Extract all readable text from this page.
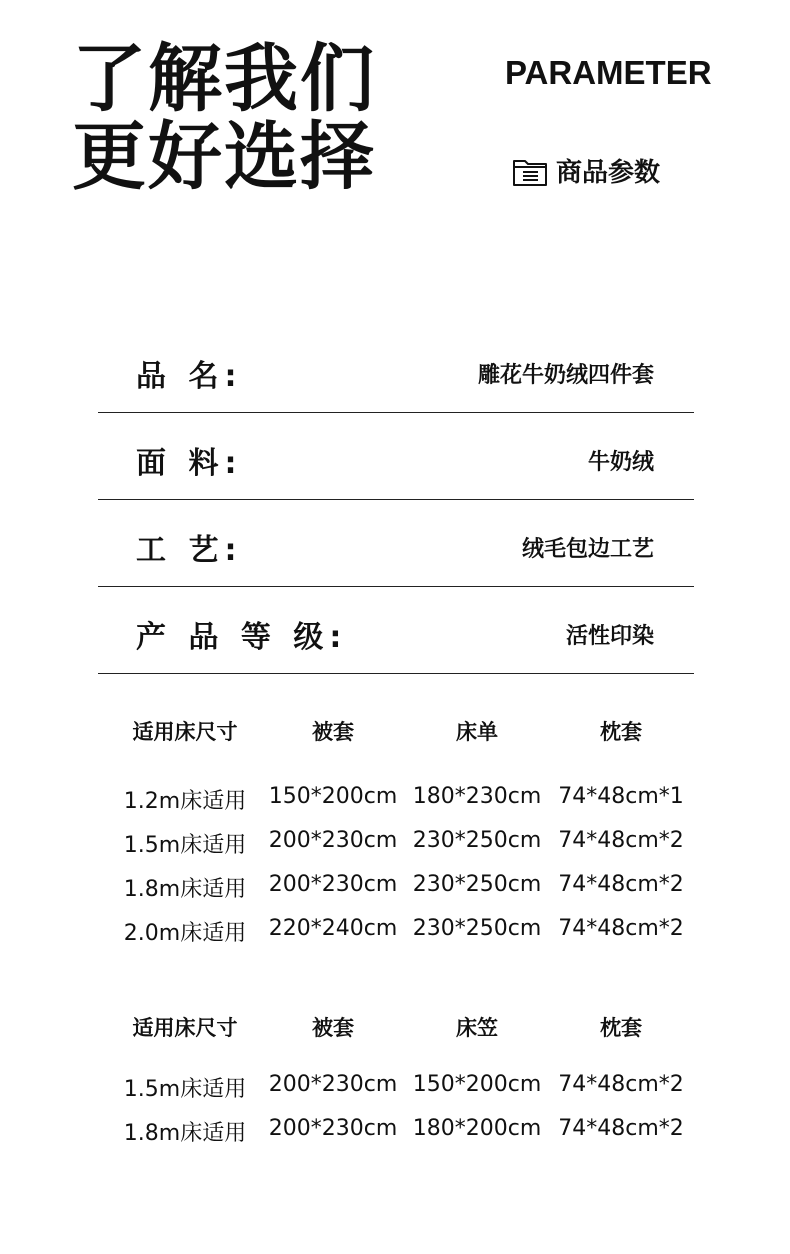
了解我们
更好选择
PARAMETER
商品参数
品 名:	雕花牛奶绒四件套
面 料:	牛奶绒
工 艺:	绒毛包边工艺
产 品 等 级:	活性印染
适用床尺寸	被套	床单	枕套
1.2m床适用	150*200cm 180*230cm 74*48cm*1
1.5m床适用	200*230cm 230*250cm 74*48cm*2
1.8m床适用	200*230cm 230*250cm 74*48cm*2
2.0m床适用	220*240cm 230*250cm 74*48cm*2
适用床尺寸	被套	床笠	枕套
1.5m床适用	200*230cm 150*200cm 74*48cm*2
1.8m床适用	200*230cm 180*200cm 74*48cm*2
